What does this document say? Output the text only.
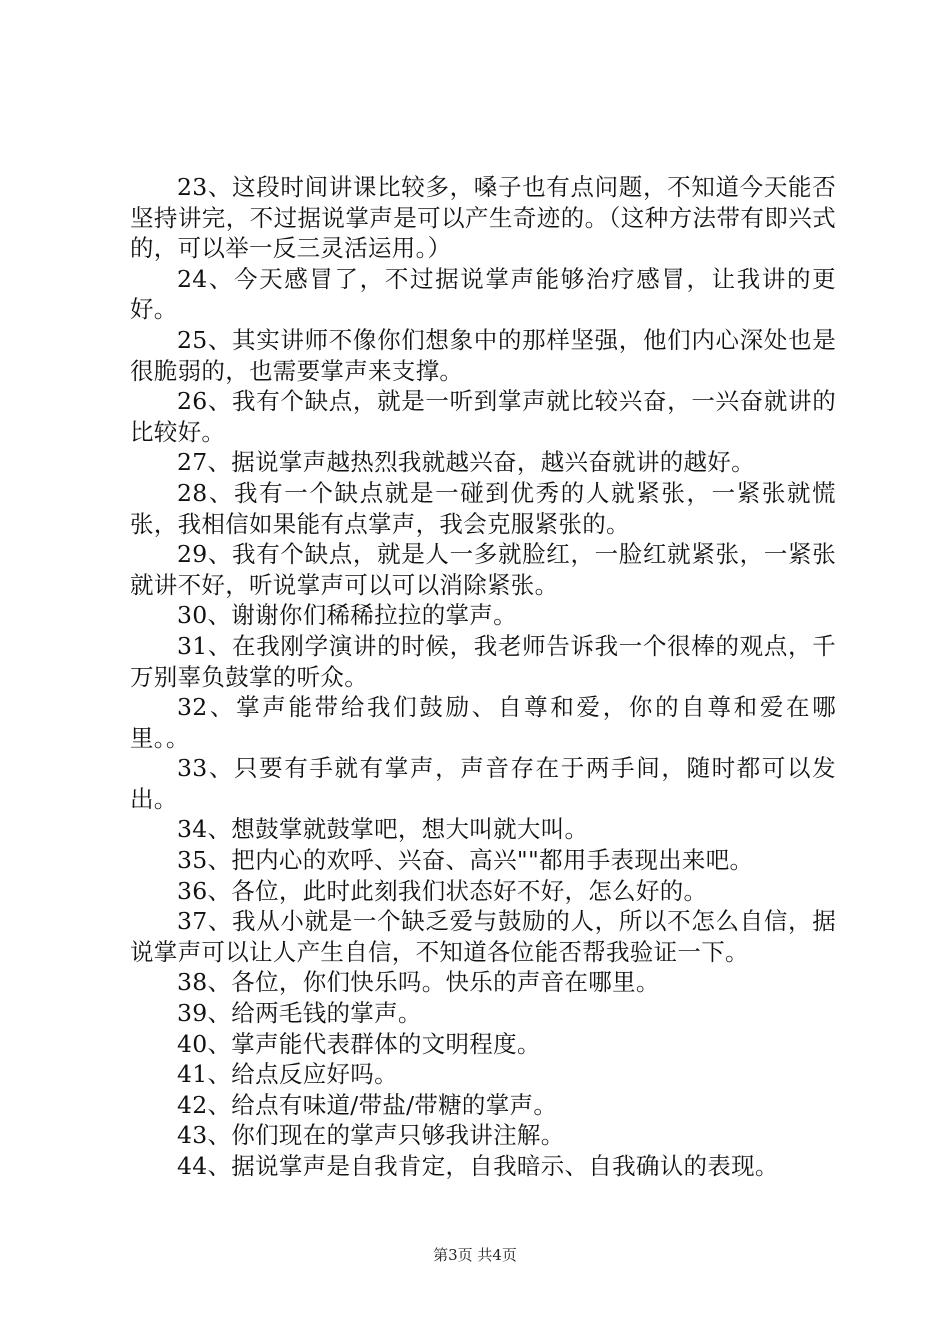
23、这段时间讲课比较多，嗓子也有点问题，不知道今天能否坚持讲完，不过据说掌声是可以产生奇迹的。（这种方法带有即兴式的，可以举一反三灵活运用。）

24、今天感冒了，不过据说掌声能够治疗感冒，让我讲的更好。

25、其实讲师不像你们想象中的那样坚强，他们内心深处也是很脆弱的，也需要掌声来支撑。

26、我有个缺点，就是一听到掌声就比较兴奋，一兴奋就讲的比较好。

27、据说掌声越热烈我就越兴奋，越兴奋就讲的越好。

28、我有一个缺点就是一碰到优秀的人就紧张，一紧张就慌张，我相信如果能有点掌声，我会克服紧张的。

29、我有个缺点，就是人一多就脸红，一脸红就紧张，一紧张就讲不好，听说掌声可以可以消除紧张。

30、谢谢你们稀稀拉拉的掌声。

31、在我刚学演讲的时候，我老师告诉我一个很棒的观点，千万别辜负鼓掌的听众。

32、掌声能带给我们鼓励、自尊和爱，你的自尊和爱在哪里。。

33、只要有手就有掌声，声音存在于两手间，随时都可以发出。

34、想鼓掌就鼓掌吧，想大叫就大叫。

35、把内心的欢呼、兴奋、高兴""都用手表现出来吧。

36、各位，此时此刻我们状态好不好，怎么好的。

37、我从小就是一个缺乏爱与鼓励的人，所以不怎么自信，据说掌声可以让人产生自信，不知道各位能否帮我验证一下。

38、各位，你们快乐吗。快乐的声音在哪里。

39、给两毛钱的掌声。

40、掌声能代表群体的文明程度。

41、给点反应好吗。

42、给点有味道/带盐/带糖的掌声。

43、你们现在的掌声只够我讲注解。

44、据说掌声是自我肯定，自我暗示、自我确认的表现。

第3页 共4页
